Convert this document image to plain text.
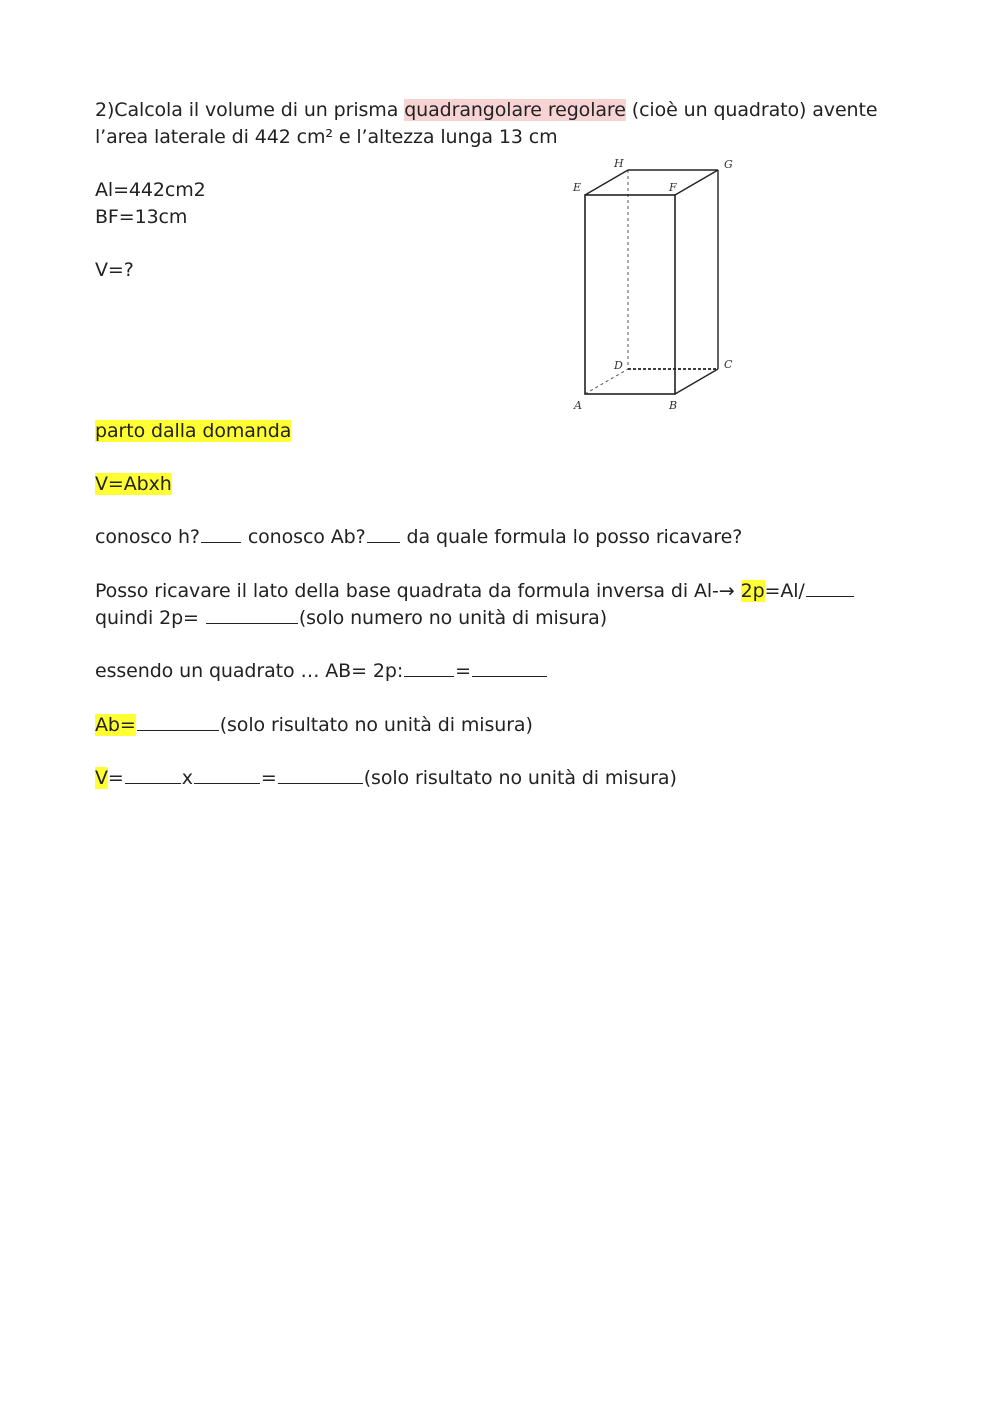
2)Calcola il volume di un prisma quadrangolare regolare (cioè un quadrato) avente
l’area laterale di 442 cm² e l’altezza lunga 13 cm
Al=442cm2
BF=13cm
V=?
H	G
E	F
D	C
A	B
parto dalla domanda
V=Abxh
conosco h? conosco Ab? da quale formula lo posso ricavare?
Posso ricavare il lato della base quadrata da formula inversa di Al-→ 2p=Al/
quindi 2p=	(solo numero no unità di misura)
essendo un quadrato … AB= 2p:	=
Ab=	(solo risultato no unità di misura)
V=	x	=	(solo risultato no unità di misura)
